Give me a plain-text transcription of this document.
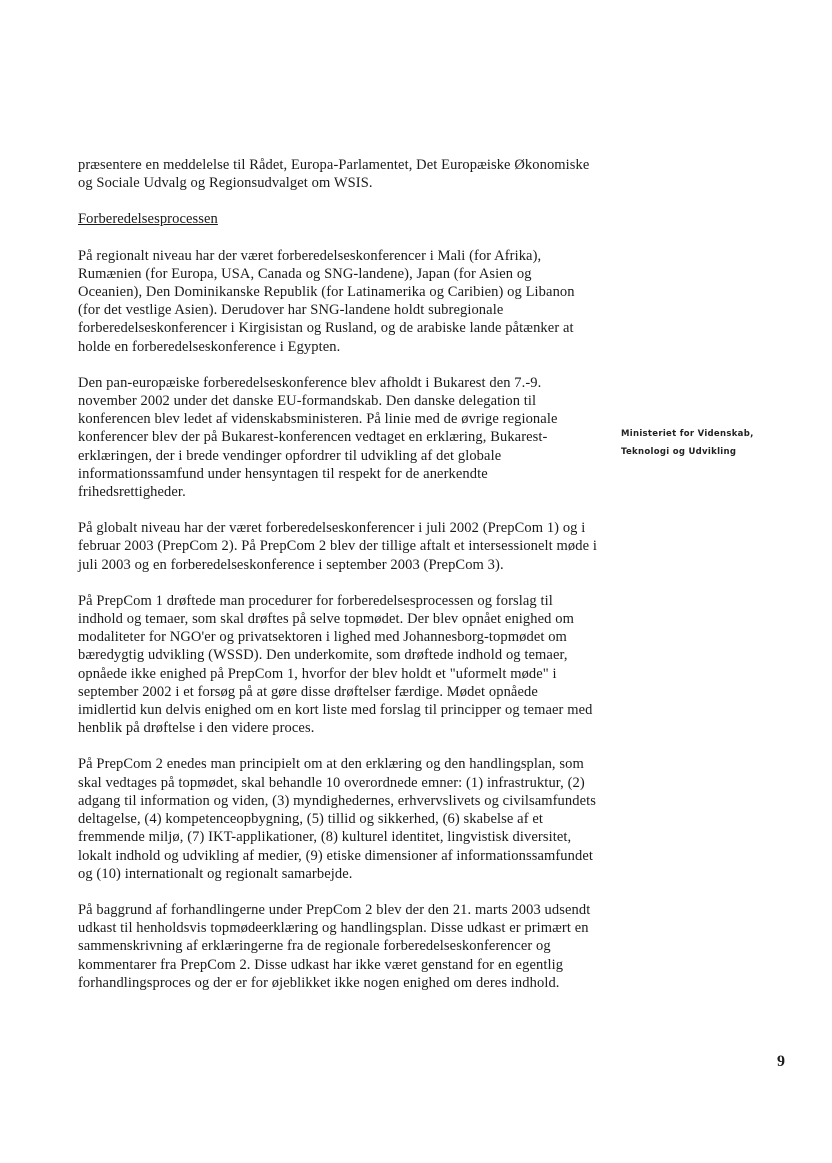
præsentere en meddelelse til Rådet, Europa-Parlamentet, Det Europæiske Økonomiske og Sociale Udvalg og Regionsudvalget om WSIS.

Forberedelsesprocessen

På regionalt niveau har der været forberedelseskonferencer i Mali (for Afrika), Rumænien (for Europa, USA, Canada og SNG-landene), Japan (for Asien og Oceanien), Den Dominikanske Republik (for Latinamerika og Caribien) og Libanon (for det vestlige Asien). Derudover har SNG-landene holdt subregionale forberedelseskonferencer i Kirgisistan og Rusland, og de arabiske lande påtænker at holde en forberedelseskonference i Egypten.

Den pan-europæiske forberedelseskonference blev afholdt i Bukarest den 7.-9. november 2002 under det danske EU-formandskab. Den danske delegation til konferencen blev ledet af videnskabsministeren. På linie med de øvrige regionale konferencer blev der på Bukarest-konferencen vedtaget en erklæring, Bukarest-erklæringen, der i brede vendinger opfordrer til udvikling af det globale informationssamfund under hensyntagen til respekt for de anerkendte frihedsrettigheder.

På globalt niveau har der været forberedelseskonferencer i juli 2002 (PrepCom 1) og i februar 2003 (PrepCom 2). På PrepCom 2 blev der tillige aftalt et intersessionelt møde i juli 2003 og en forberedelseskonference i september 2003 (PrepCom 3).

På PrepCom 1 drøftede man procedurer for forberedelsesprocessen og forslag til indhold og temaer, som skal drøftes på selve topmødet. Der blev opnået enighed om modaliteter for NGO'er og privatsektoren i lighed med Johannesborg-topmødet om bæredygtig udvikling (WSSD). Den underkomite, som drøftede indhold og temaer, opnåede ikke enighed på PrepCom 1, hvorfor der blev holdt et "uformelt møde" i september 2002 i et forsøg på at gøre disse drøftelser færdige. Mødet opnåede imidlertid kun delvis enighed om en kort liste med forslag til principper og temaer med henblik på drøftelse i den videre proces.

På PrepCom 2 enedes man principielt om at den erklæring og den handlingsplan, som skal vedtages på topmødet, skal behandle 10 overordnede emner: (1) infrastruktur, (2) adgang til information og viden, (3) myndighedernes, erhvervslivets og civilsamfundets deltagelse, (4) kompetenceopbygning, (5) tillid og sikkerhed, (6) skabelse af et fremmende miljø, (7) IKT-applikationer, (8) kulturel identitet, lingvistisk diversitet, lokalt indhold og udvikling af medier, (9) etiske dimensioner af informationssamfundet og (10) internationalt og regionalt samarbejde.

På baggrund af forhandlingerne under PrepCom 2 blev der den 21. marts 2003 udsendt udkast til henholdsvis topmødeerklæring og handlingsplan. Disse udkast er primært en sammenskrivning af erklæringerne fra de regionale forberedelseskonferencer og kommentarer fra PrepCom 2. Disse udkast har ikke været genstand for en egentlig forhandlingsproces og der er for øjeblikket ikke nogen enighed om deres indhold.

Ministeriet for Videnskab,
Teknologi og Udvikling
9
